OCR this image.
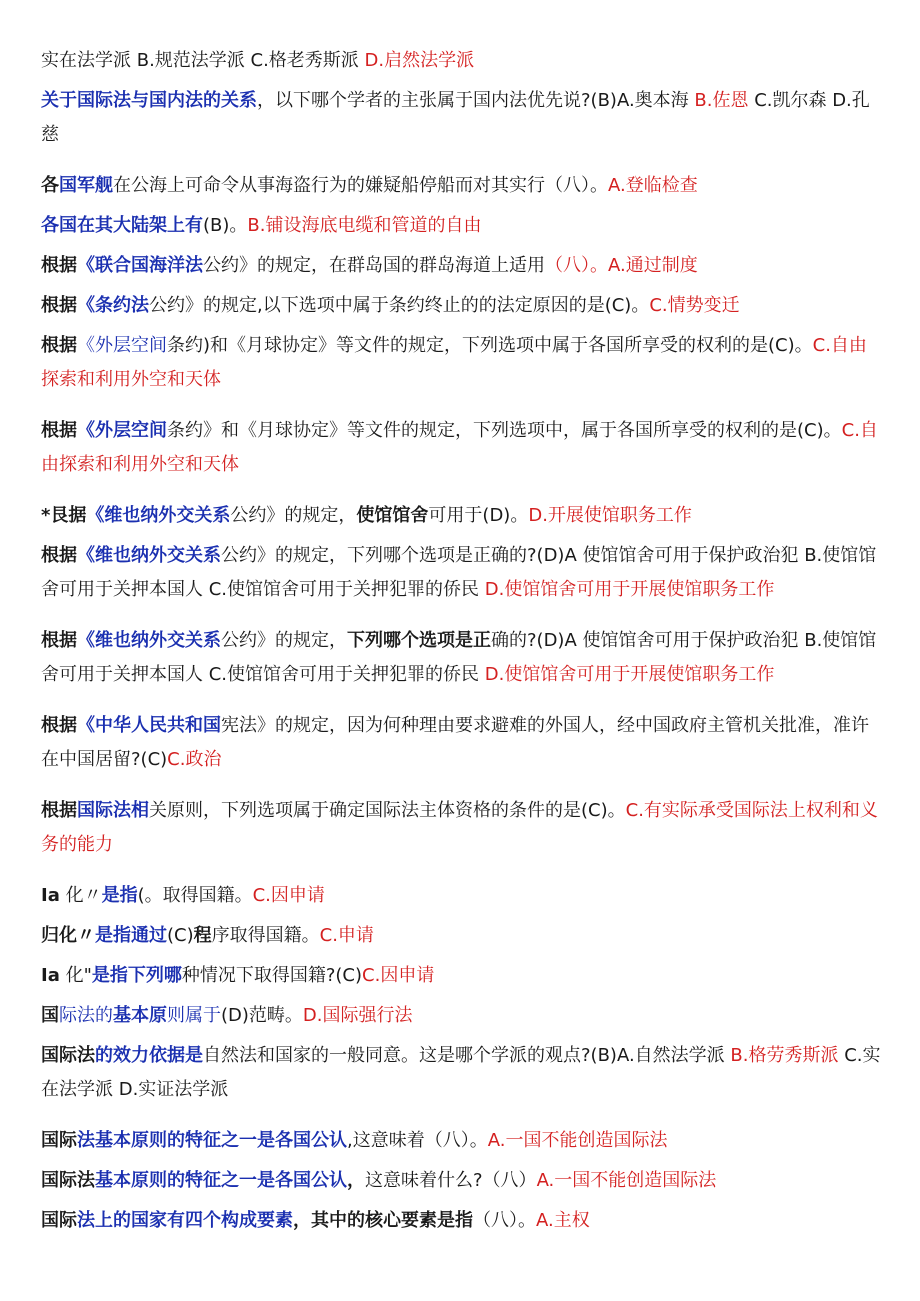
实在法学派 B.规范法学派 C.格老秀斯派 D.启然法学派

关于国际法与国内法的关系，以下哪个学者的主张属于国内法优先说?(B)A.奥本海 B.佐恩 C.凯尔森 D.孔慈

各国军舰在公海上可命令从事海盗行为的嫌疑船停船而对其实行（八）。A.登临检查

各国在其大陆架上有(B)。B.铺设海底电缆和管道的自由

根据《联合国海洋法公约》的规定，在群岛国的群岛海道上适用（八）。A.通过制度

根据《条约法公约》的规定,以下选项中属于条约终止的的法定原因的是(C)。C.情势变迁

根据《外层空间条约)和《月球协定》等文件的规定，下列选项中属于各国所享受的权利的是(C)。C.自由探索和利用外空和天体

根据《外层空间条约》和《月球协定》等文件的规定，下列选项中，属于各国所享受的权利的是(C)。C.自由探索和利用外空和天体

*艮据《维也纳外交关系公约》的规定，使馆馆舍可用于(D)。D.开展使馆职务工作

根据《维也纳外交关系公约》的规定，下列哪个选项是正确的?(D)A 使馆馆舍可用于保护政治犯 B.使馆馆舍可用于关押本国人 C.使馆馆舍可用于关押犯罪的侨民 D.使馆馆舍可用于开展使馆职务工作

根据《维也纳外交关系公约》的规定，下列哪个选项是正确的?(D)A 使馆馆舍可用于保护政治犯 B.使馆馆舍可用于关押本国人 C.使馆馆舍可用于关押犯罪的侨民 D.使馆馆舍可用于开展使馆职务工作

根据《中华人民共和国宪法》的规定，因为何种理由要求避难的外国人，经中国政府主管机关批准，准许在中国居留?(C)C.政治

根据国际法相关原则，下列选项属于确定国际法主体资格的条件的是(C)。C.有实际承受国际法上权利和义务的能力

Ia 化〃是指(。取得国籍。C.因申请

归化〃是指通过(C)程序取得国籍。C.申请

Ia 化"是指下列哪种情况下取得国籍?(C)C.因申请

国际法的基本原则属于(D)范畴。D.国际强行法

国际法的效力依据是自然法和国家的一般同意。这是哪个学派的观点?(B)A.自然法学派 B.格劳秀斯派 C.实在法学派 D.实证法学派

国际法基本原则的特征之一是各国公认,这意味着（八）。A.一国不能创造国际法

国际法基本原则的特征之一是各国公认，这意味着什么?（八）A.一国不能创造国际法

国际法上的国家有四个构成要素，其中的核心要素是指（八）。A.主权
